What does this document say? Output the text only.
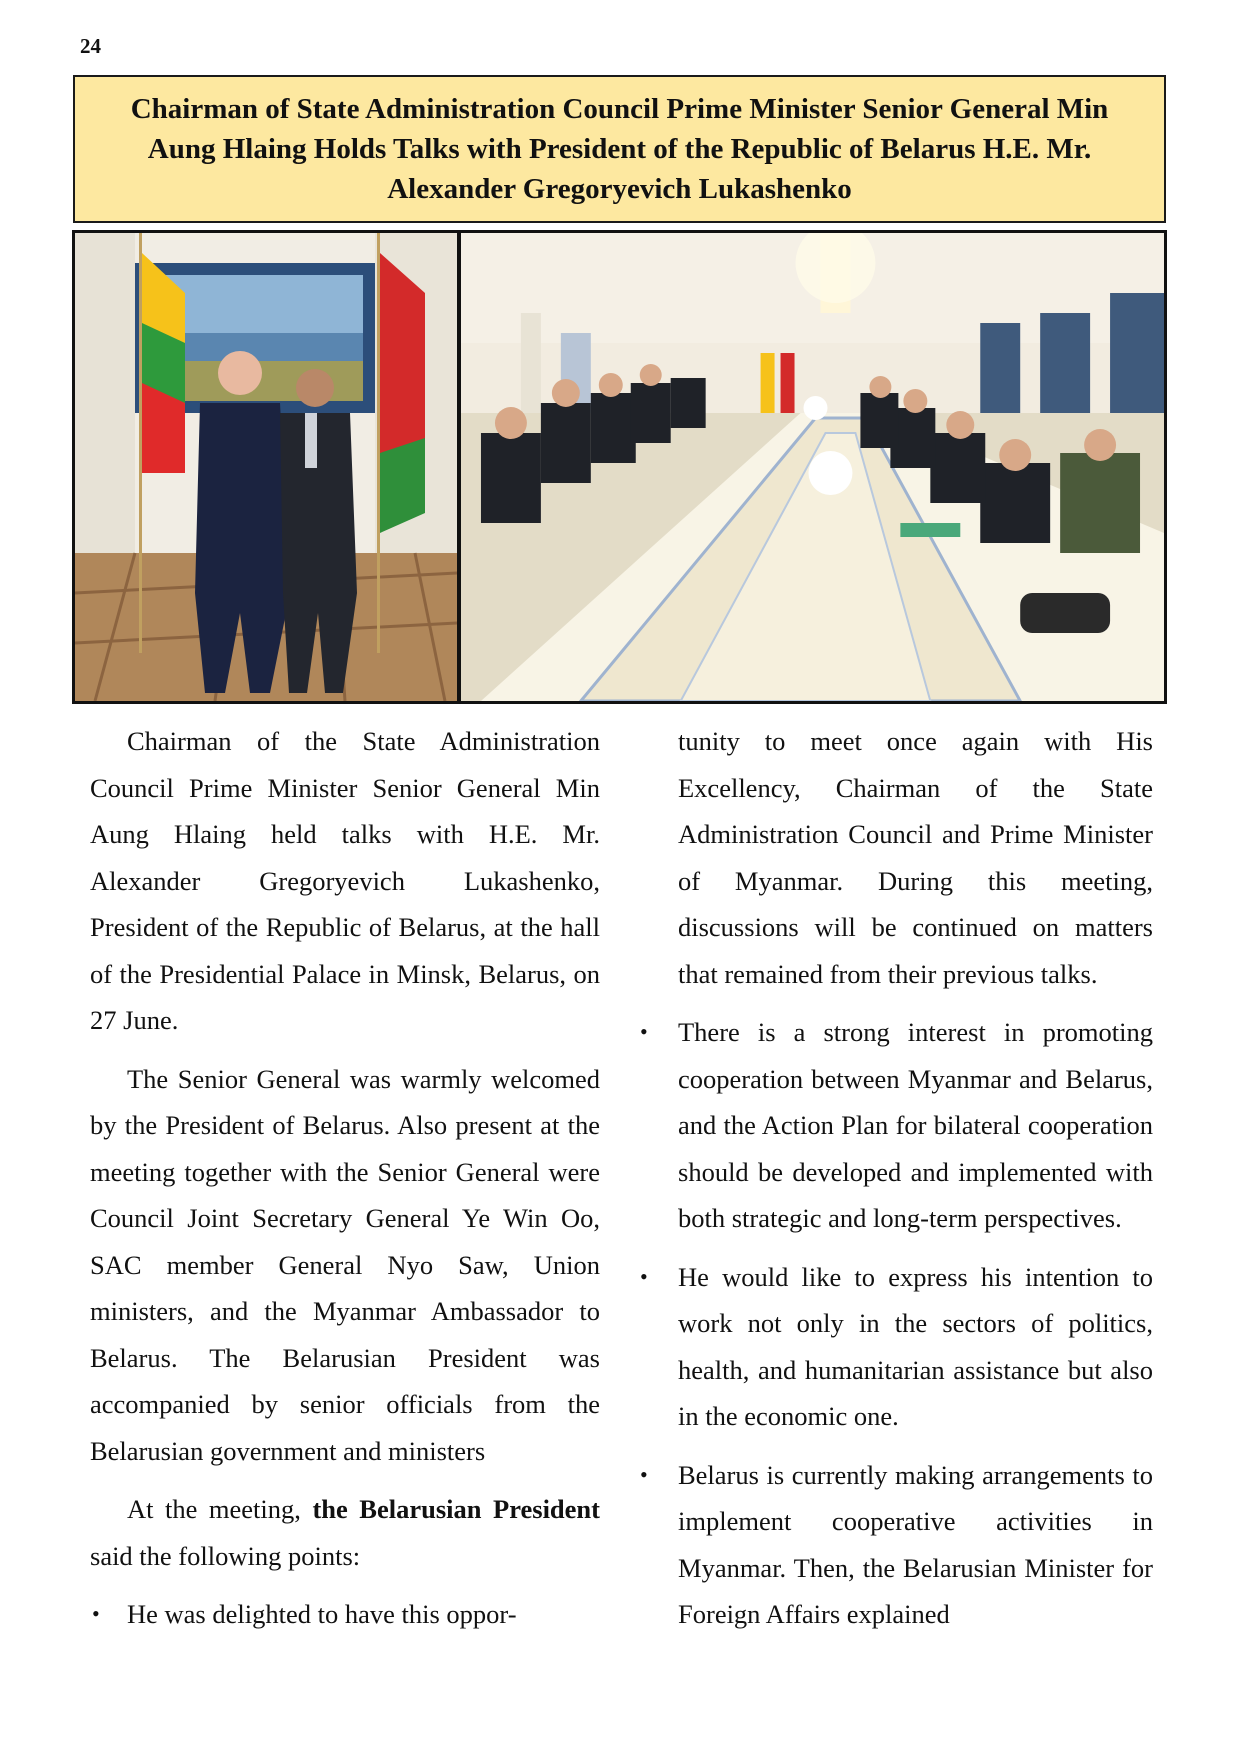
24
Chairman of State Administration Council Prime Minister Senior General Min Aung Hlaing Holds Talks with President of the Republic of Belarus H.E. Mr. Alexander Gregoryevich Lukashenko

Chairman of the State Administration Council Prime Minister Senior General Min Aung Hlaing held talks with H.E. Mr. Alexander Gregoryevich Lukashenko, President of the Republic of Belarus, at the hall of the Presidential Palace in Minsk, Belarus, on 27 June.

The Senior General was warmly welcomed by the President of Belarus. Also present at the meeting together with the Senior General were Council Joint Secretary General Ye Win Oo, SAC member General Nyo Saw, Union ministers, and the Myanmar Ambassador to Belarus. The Belarusian President was accompanied by senior officials from the Belarusian government and ministers

At the meeting, the Belarusian President said the following points:

• He was delighted to have this oppor-

tunity to meet once again with His Excellency, Chairman of the State Administration Council and Prime Minister of Myanmar. During this meeting, discussions will be continued on matters that remained from their previous talks.

• There is a strong interest in promoting cooperation between Myanmar and Belarus, and the Action Plan for bilateral cooperation should be developed and implemented with both strategic and long-term perspectives.
• He would like to express his intention to work not only in the sectors of politics, health, and humanitarian assistance but also in the economic one.
• Belarus is currently making arrangements to implement cooperative activities in Myanmar. Then, the Belarusian Minister for Foreign Affairs explained
